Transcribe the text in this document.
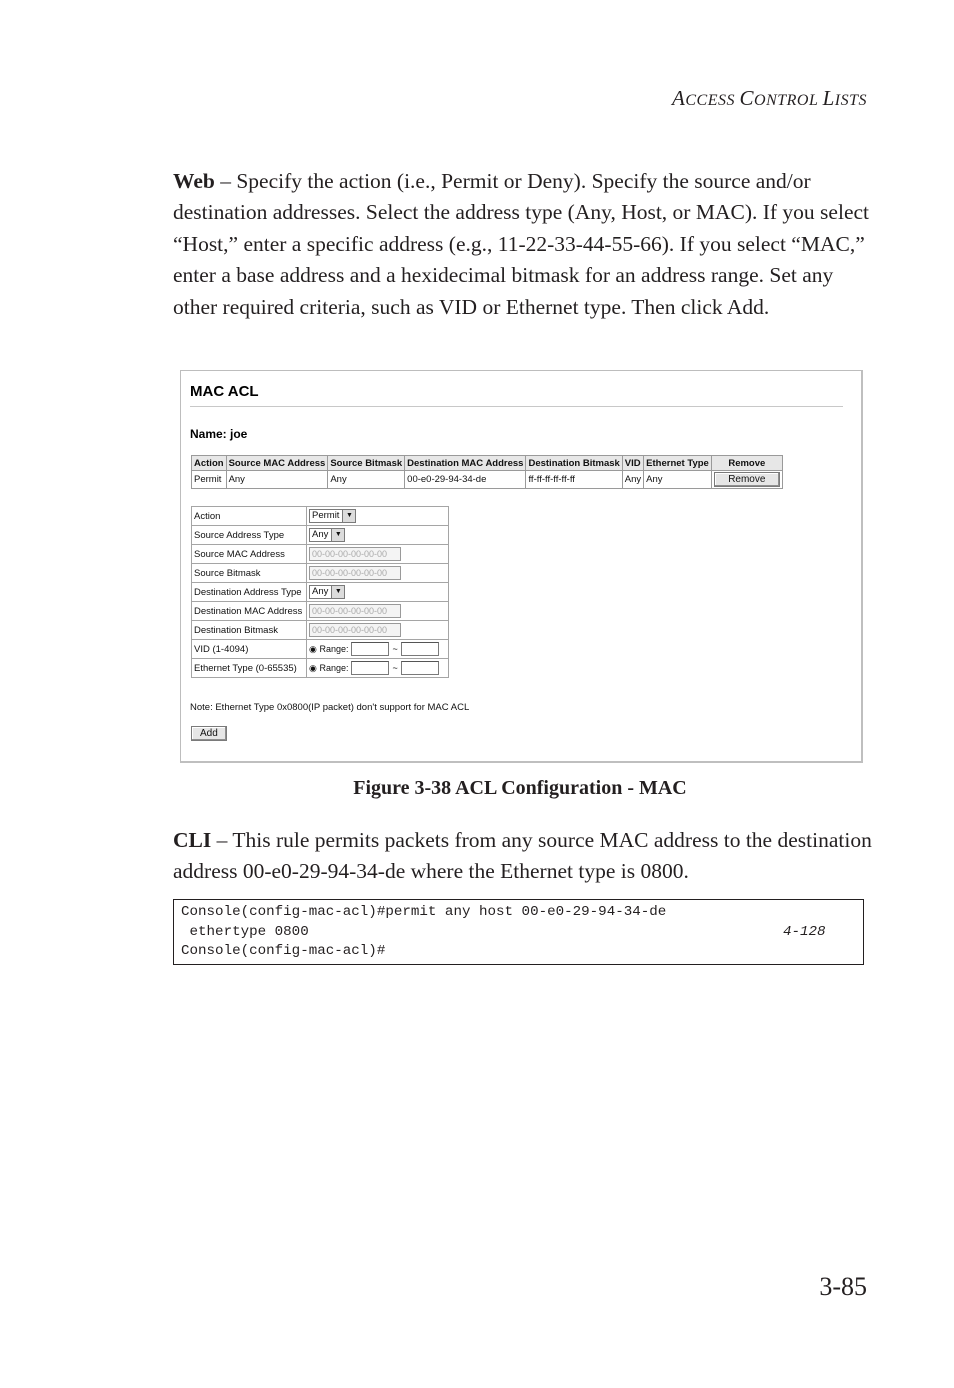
ACCESS CONTROL LISTS
Web – Specify the action (i.e., Permit or Deny). Specify the source and/or destination addresses. Select the address type (Any, Host, or MAC). If you select “Host,” enter a specific address (e.g., 11-22-33-44-55-66). If you select “MAC,” enter a base address and a hexidecimal bitmask for an address range. Set any other required criteria, such as VID or Ethernet type. Then click Add.
MAC ACL
Name: joe
Action	Source MAC Address	Source Bitmask	Destination MAC Address	Destination Bitmask	VID	Ethernet Type	Remove
Permit	Any	Any	00-e0-29-94-34-de	ff-ff-ff-ff-ff-ff	Any	Any	Remove
Action	Permit ▼

Source Address Type	Any ▼

Source MAC Address	00-00-00-00-00-00
Source Bitmask	00-00-00-00-00-00
Destination Address Type	Any ▼

Destination MAC Address	00-00-00-00-00-00
Destination Bitmask	00-00-00-00-00-00
VID (1-4094)	◉ Range: ~
Ethernet Type (0-65535)	◉ Range: ~
Note: Ethernet Type 0x0800(IP packet) don't support for MAC ACL
Add
Figure 3-38 ACL Configuration - MAC
CLI – This rule permits packets from any source MAC address to the destination address 00-e0-29-94-34-de where the Ethernet type is 0800.
Console(config-mac-acl)#permit any host 00-e0-29-94-34-de
ethertype 0800	4-128
Console(config-mac-acl)#
3-85
